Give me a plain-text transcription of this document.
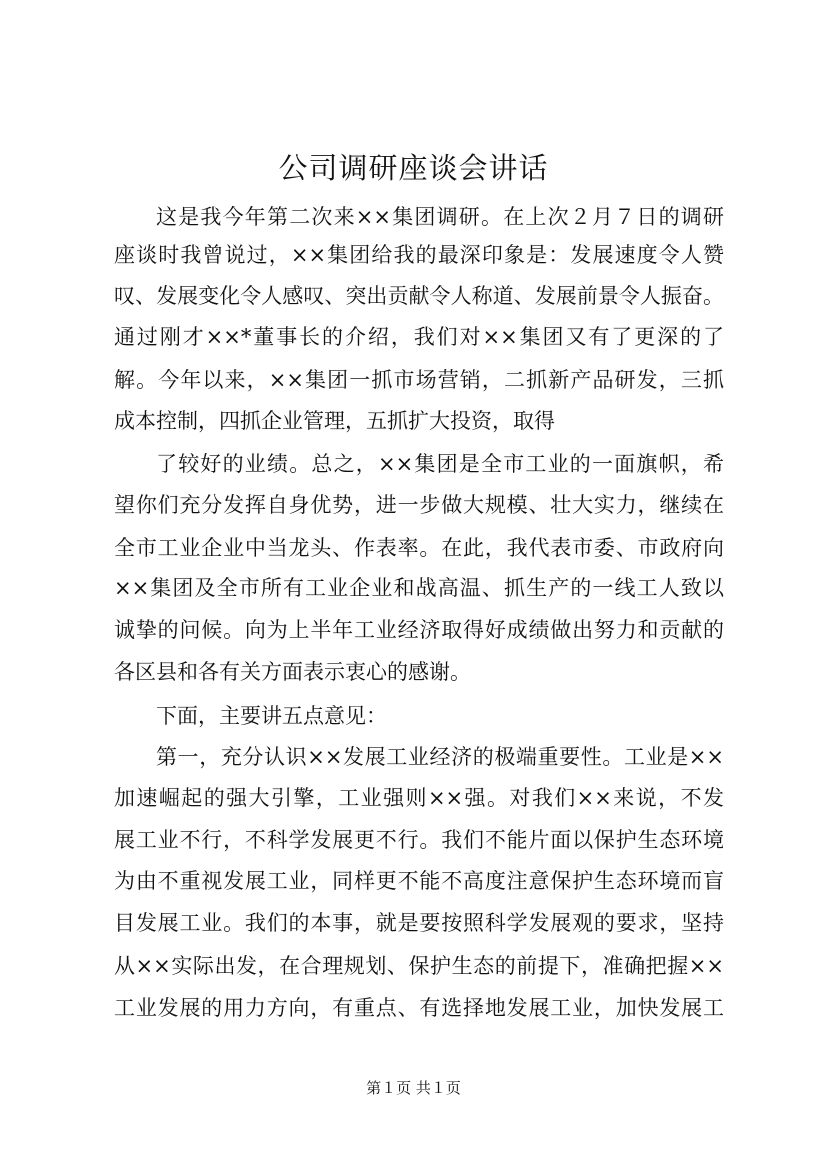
公司调研座谈会讲话
这是我今年第二次来××集团调研。在上次２月７日的调研
座谈时我曾说过，××集团给我的最深印象是：发展速度令人赞
叹、发展变化令人感叹、突出贡献令人称道、发展前景令人振奋。
通过刚才××*董事长的介绍，我们对××集团又有了更深的了
解。今年以来，××集团一抓市场营销，二抓新产品研发，三抓
成本控制，四抓企业管理，五抓扩大投资，取得
了较好的业绩。总之，××集团是全市工业的一面旗帜，希
望你们充分发挥自身优势，进一步做大规模、壮大实力，继续在
全市工业企业中当龙头、作表率。在此，我代表市委、市政府向
××集团及全市所有工业企业和战高温、抓生产的一线工人致以
诚挚的问候。向为上半年工业经济取得好成绩做出努力和贡献的
各区县和各有关方面表示衷心的感谢。
下面，主要讲五点意见：
第一，充分认识××发展工业经济的极端重要性。工业是××
加速崛起的强大引擎，工业强则××强。对我们××来说，不发
展工业不行，不科学发展更不行。我们不能片面以保护生态环境
为由不重视发展工业，同样更不能不高度注意保护生态环境而盲
目发展工业。我们的本事，就是要按照科学发展观的要求，坚持
从××实际出发，在合理规划、保护生态的前提下，准确把握××
工业发展的用力方向，有重点、有选择地发展工业，加快发展工
第１页 共１页
